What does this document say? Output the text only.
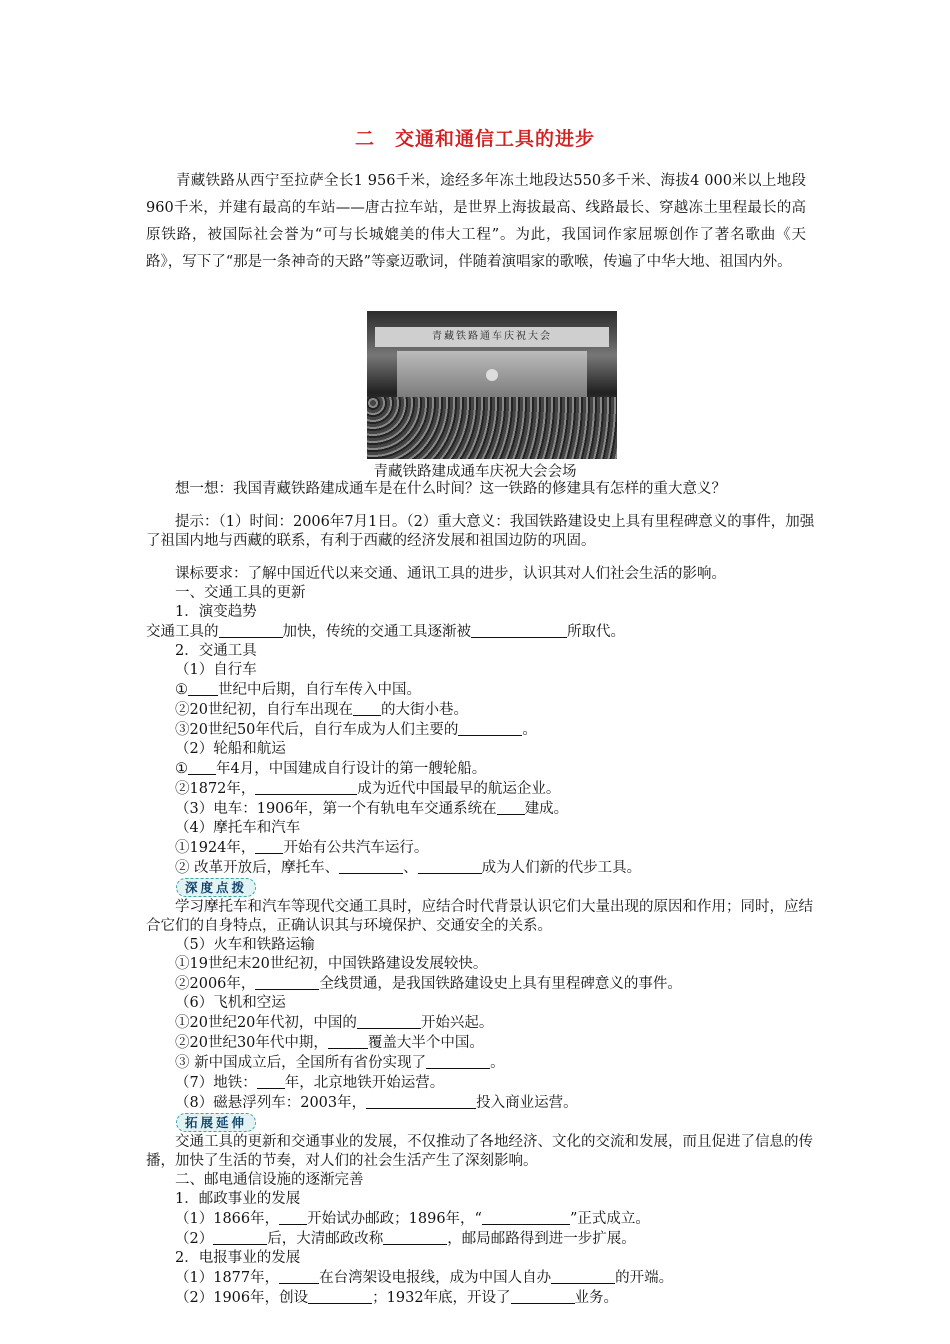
二　交通和通信工具的进步
青藏铁路从西宁至拉萨全长1 956千米，途经多年冻土地段达550多千米、海拔4 000米以上地段960千米，并建有最高的车站——唐古拉车站，是世界上海拔最高、线路最长、穿越冻土里程最长的高原铁路，被国际社会誉为“可与长城媲美的伟大工程”。为此，我国词作家屈塬创作了著名歌曲《天路》，写下了“那是一条神奇的天路”等豪迈歌词，伴随着演唱家的歌喉，传遍了中华大地、祖国内外。
青藏铁路通车庆祝大会
青藏铁路建成通车庆祝大会会场

想一想：我国青藏铁路建成通车是在什么时间？这一铁路的修建具有怎样的重大意义？

提示：（1）时间：2006年7月1日。（2）重大意义：我国铁路建设史上具有里程碑意义的事件，加强了祖国内地与西藏的联系，有利于西藏的经济发展和祖国边防的巩固。

课标要求：了解中国近代以来交通、通讯工具的进步，认识其对人们社会生活的影响。

一、交通工具的更新

1．演变趋势

交通工具的	加快，传统的交通工具逐渐被	所取代。

2．交通工具

（1）自行车

① 世纪中后期，自行车传入中国。

②20世纪初，自行车出现在 的大街小巷。

③20世纪50年代后，自行车成为人们主要的	。

（2）轮船和航运

① 年4月，中国建成自行设计的第一艘轮船。

②1872年，	成为近代中国最早的航运企业。

（3）电车：1906年，第一个有轨电车交通系统在 建成。

（4）摩托车和汽车

①1924年， 开始有公共汽车运行。

② 改革开放后，摩托车、	、	成为人们新的代步工具。

深度点拨

学习摩托车和汽车等现代交通工具时，应结合时代背景认识它们大量出现的原因和作用；同时，应结合它们的自身特点，正确认识其与环境保护、交通安全的关系。

（5）火车和铁路运输

①19世纪末20世纪初，中国铁路建设发展较快。

②2006年，	全线贯通，是我国铁路建设史上具有里程碑意义的事件。

（6）飞机和空运

①20世纪20年代初，中国的	开始兴起。

②20世纪30年代中期，	覆盖大半个中国。

③ 新中国成立后，全国所有省份实现了	。

（7）地铁： 年，北京地铁开始运营。

（8）磁悬浮列车：2003年，	投入商业运营。

拓展延伸

交通工具的更新和交通事业的发展，不仅推动了各地经济、文化的交流和发展，而且促进了信息的传播，加快了生活的节奏，对人们的社会生活产生了深刻影响。

二、邮电通信设施的逐渐完善

1．邮政事业的发展

（1）1866年， 开始试办邮政；1896年，“	”正式成立。

（2）	后，大清邮政改称	，邮局邮路得到进一步扩展。

2．电报事业的发展

（1）1877年，	在台湾架设电报线，成为中国人自办	的开端。

（2）1906年，创设	；1932年底，开设了	业务。
